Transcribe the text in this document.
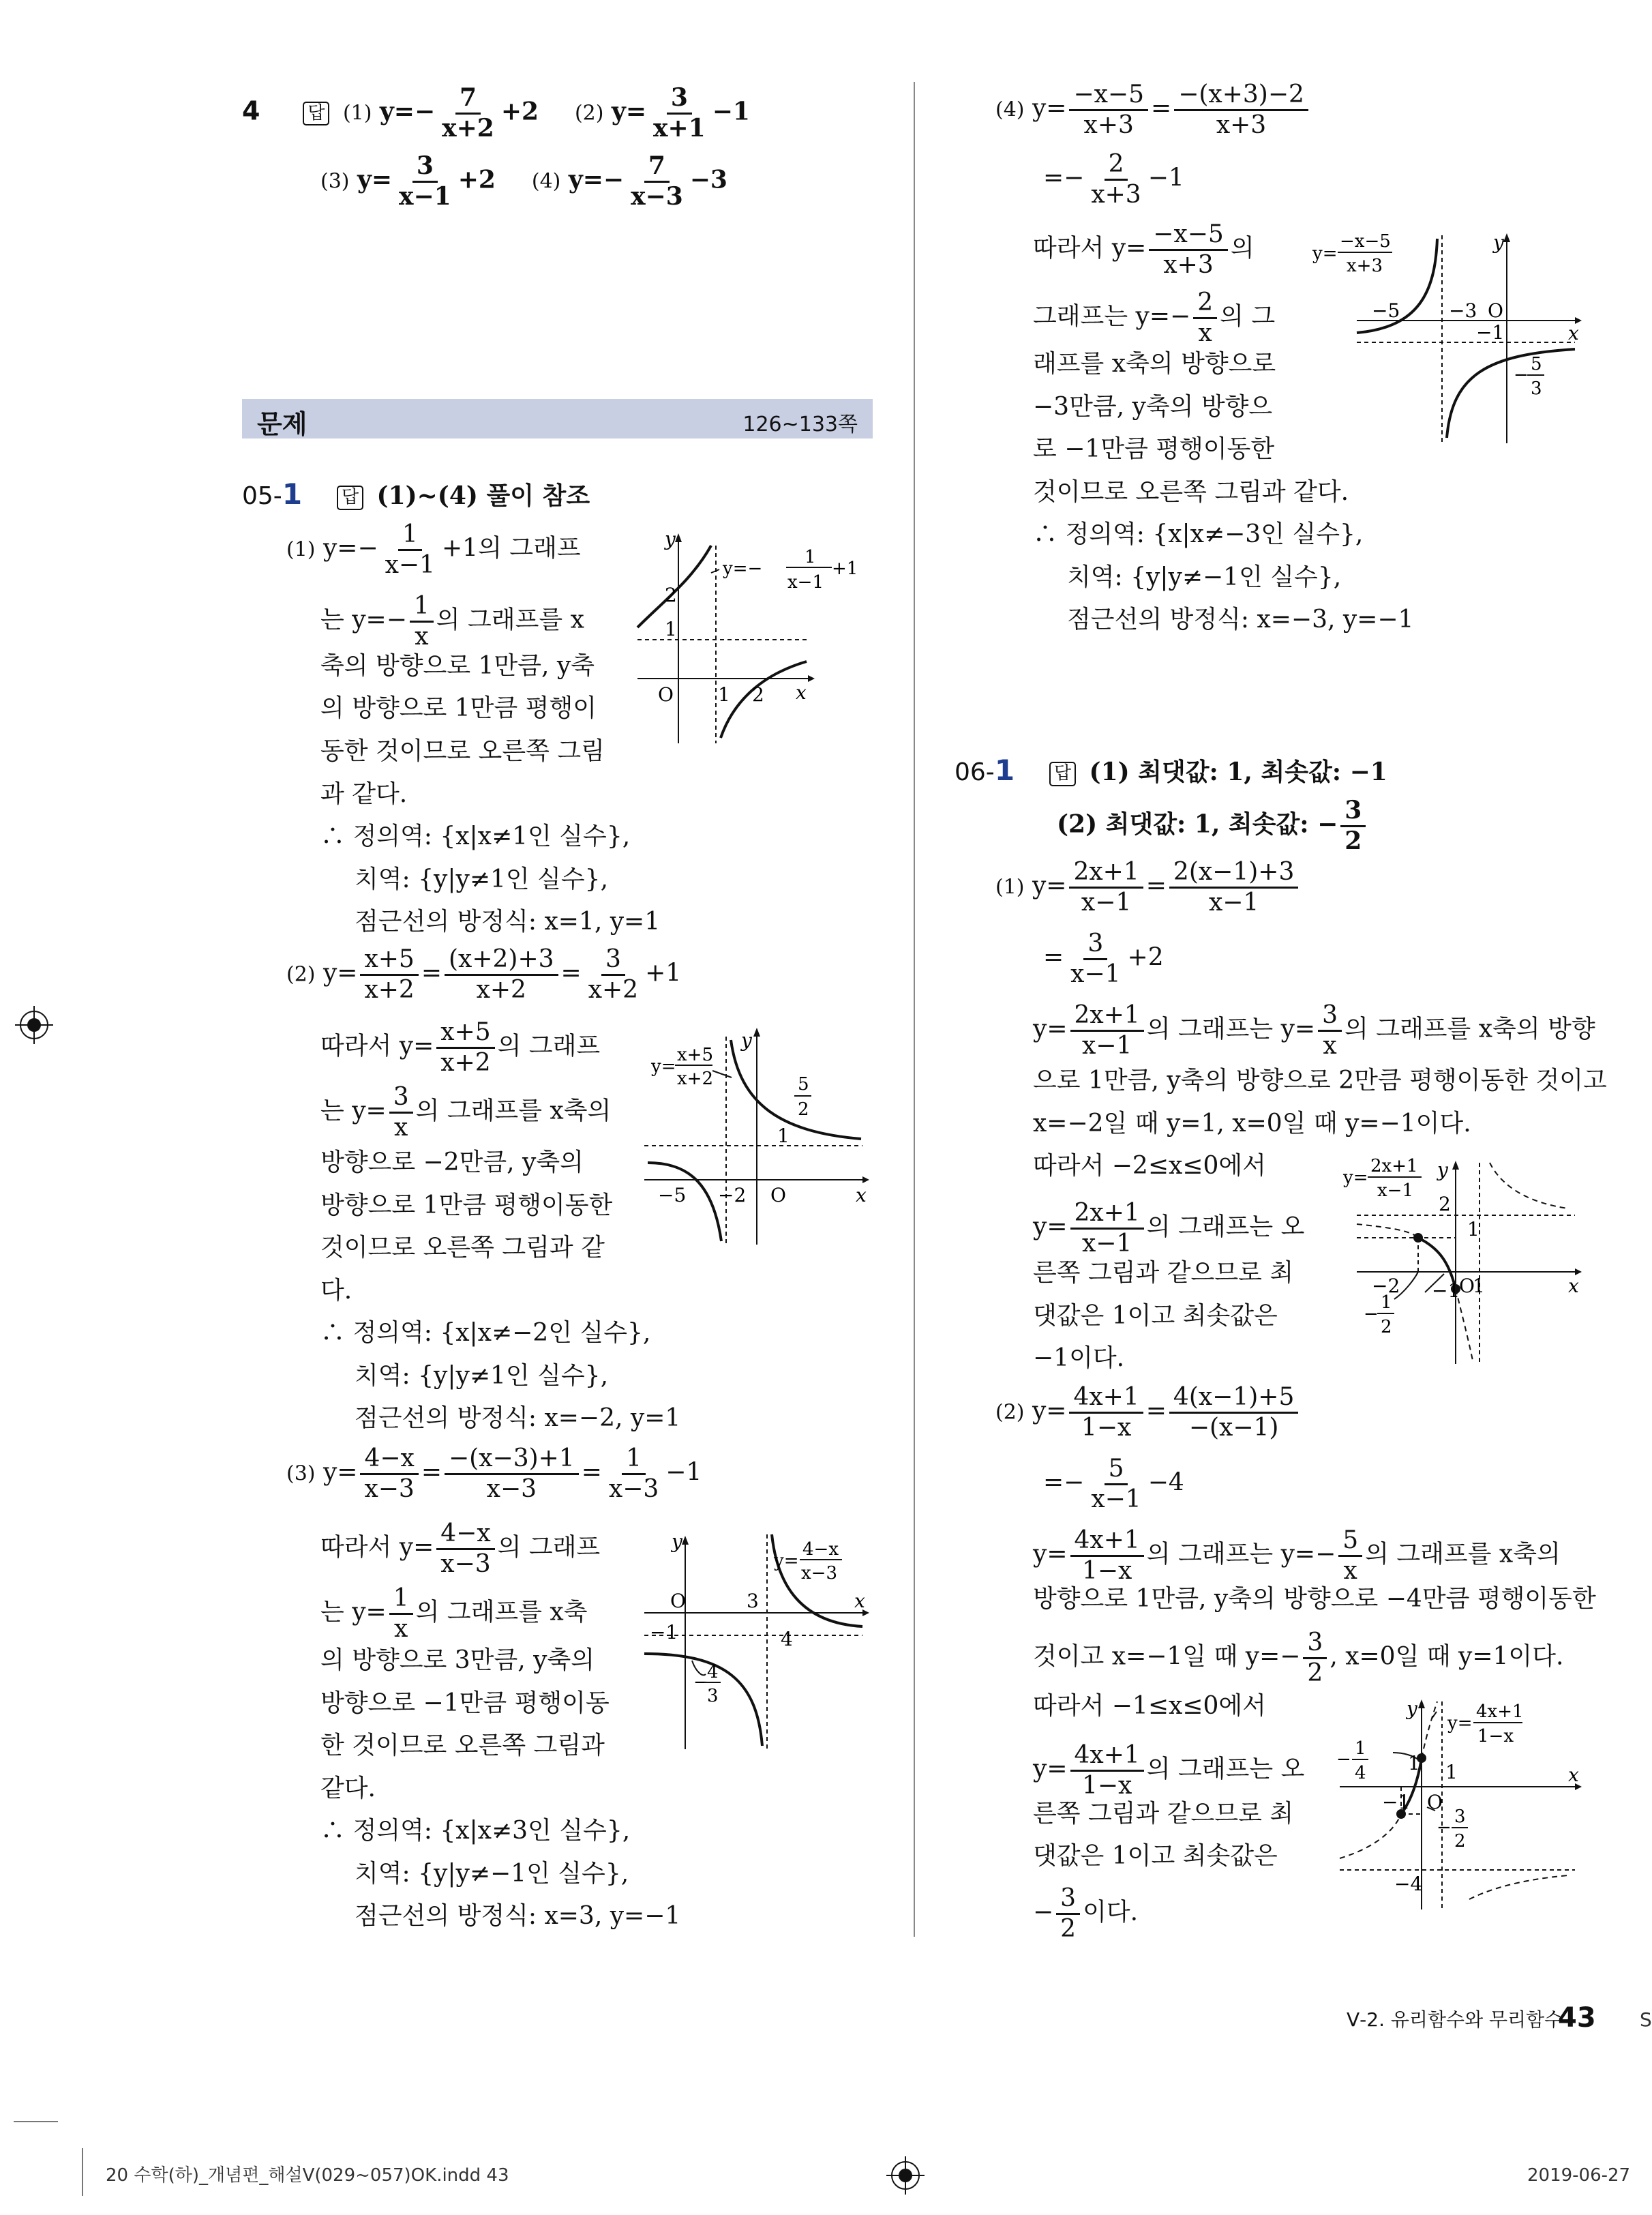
4	답 (1) $y=- \frac{7}{x+2} +2$ (2) $y= \frac{3}{x+1} -1$
(3) $y= \frac{3}{x-1} +2$ (4) $y=- \frac{7}{x-3} -3$
문제	126~133쪽
05-1 답 (1)~(4) 풀이 참조
(1) $y=- \frac{1}{x-1} +1$의 그래프
는 $y=- \frac{1}{x}$ 의 그래프를 x
축의 방향으로 1만큼, y축
의 방향으로 1만큼 평행이
동한 것이므로 오른쪽 그림
과 같다.
∴ 정의역: {x|x≠1인 실수},
치역: {y|y≠1인 실수},
점근선의 방정식: x=1, y=1
y
x
O 1 2
1
2
y=−
1
x−1
+1
(2) $y= \frac{x+5}{x+2} = \frac{(x+2)+3}{x+2} = \frac{3}{x+2} +1$
따라서 $y= \frac{x+5}{x+2}$ 의 그래프
는 $y= \frac{3}{x}$ 의 그래프를 x축의
방향으로 −2만큼, y축의
방향으로 1만큼 평행이동한
것이므로 오른쪽 그림과 같
다.
∴ 정의역: {x|x≠−2인 실수},
치역: {y|y≠1인 실수},
점근선의 방정식: x=−2, y=1
y
x
O
−5 −2
1
5
2
y=
x+5
x+2
(3) $y= \frac{4-x}{x-3} = \frac{-(x-3)+1}{x-3} = \frac{1}{x-3} -1$
따라서 $y= \frac{4-x}{x-3}$ 의 그래프
는 $y= \frac{1}{x}$ 의 그래프를 x축
의 방향으로 3만큼, y축의
방향으로 −1만큼 평행이동
한 것이므로 오른쪽 그림과
같다.
∴ 정의역: {x|x≠3인 실수},
치역: {y|y≠−1인 실수},
점근선의 방정식: x=3, y=−1
y
x
O	3
4
−1
−
4
3
y=
4−x
x−3
(4) $y= \frac{-x-5}{x+3} = \frac{-(x+3)-2}{x+3}$
=− $\frac{2}{x+3} -1$
따라서 $y= \frac{-x-5}{x+3}$ 의
그래프는 $y=- \frac{2}{x}$ 의 그
래프를 x축의 방향으로
−3만큼, y축의 방향으
로 −1만큼 평행이동한
것이므로 오른쪽 그림과 같다.
∴ 정의역: {x|x≠−3인 실수},
치역: {y|y≠−1인 실수},
점근선의 방정식: x=−3, y=−1
y
x
O
−5	−3
−1
−
5
3
y=
−x−5
x+3
06-1 답 (1) 최댓값: 1, 최솟값: −1
(2) 최댓값: 1, 최솟값: − $\frac{3}{2}$
(1) $y= \frac{2x+1}{x-1} = \frac{2(x-1)+3}{x-1}$
= $\frac{3}{x-1} +2$
$y= \frac{2x+1}{x-1}$ 의 그래프는 $y= \frac{3}{x}$ 의 그래프를 x축의 방향
으로 1만큼, y축의 방향으로 2만큼 평행이동한 것이고
x=−2일 때 y=1, x=0일 때 y=−1이다.
따라서 −2≤x≤0에서
$y= \frac{2x+1}{x-1}$ 의 그래프는 오
른쪽 그림과 같으므로 최
댓값은 1이고 최솟값은
−1이다.
y
x
O
2
1
−2 −1 1
−
1
2
y=
2x+1
x−1
(2) $y= \frac{4x+1}{1-x} = \frac{4(x-1)+5}{-(x-1)}$
=− $\frac{5}{x-1} -4$
$y= \frac{4x+1}{1-x}$ 의 그래프는 $y=- \frac{5}{x}$ 의 그래프를 x축의
방향으로 1만큼, y축의 방향으로 −4만큼 평행이동한
것이고 x=−1일 때 $y=- \frac{3}{2}$ , x=0일 때 y=1이다.
따라서 −1≤x≤0에서
$y= \frac{4x+1}{1-x}$ 의 그래프는 오
른쪽 그림과 같으므로 최
댓값은 1이고 최솟값은
− $\frac{3}{2}$ 이다.
y
x
O
1 1
−1
−4
−
1
4
−
3
2
y=
4x+1
1−x
Ⅴ-2. 유리함수와 무리함수
43
20 수학(하)_개념편_해설Ⅴ(029~057)OK.indd 43	2019-06-27
S
